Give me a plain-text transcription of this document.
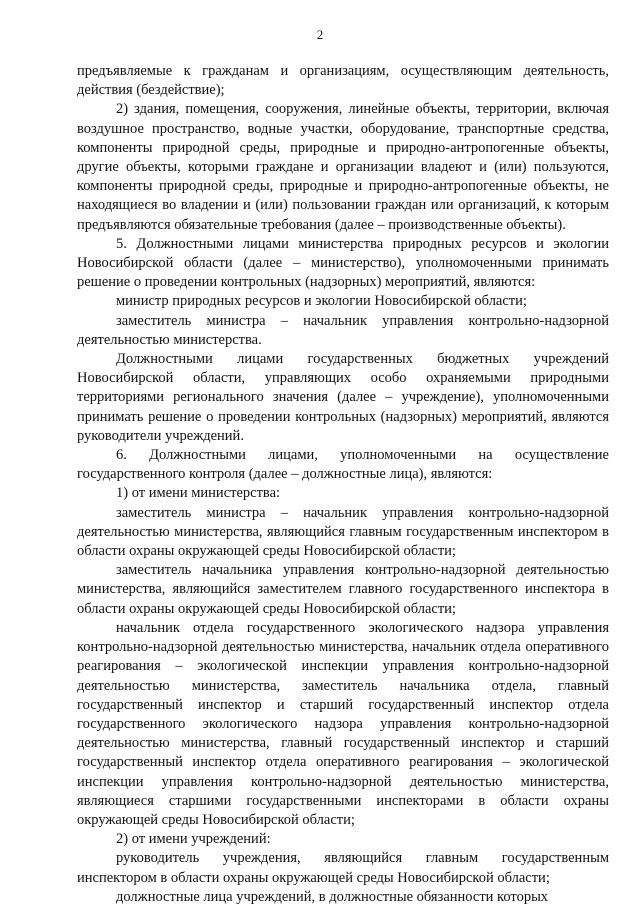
2

предъявляемые к гражданам и организациям, осуществляющим деятельность, действия (бездействие);

2) здания, помещения, сооружения, линейные объекты, территории, включая воздушное пространство, водные участки, оборудование, транспортные средства, компоненты природной среды, природные и природно-антропогенные объекты, другие объекты, которыми граждане и организации владеют и (или) пользуются, компоненты природной среды, природные и природно-антропогенные объекты, не находящиеся во владении и (или) пользовании граждан или организаций, к которым предъявляются обязательные требования (далее – производственные объекты).

5. Должностными лицами министерства природных ресурсов и экологии Новосибирской области (далее – министерство), уполномоченными принимать решение о проведении контрольных (надзорных) мероприятий, являются:

министр природных ресурсов и экологии Новосибирской области;

заместитель министра – начальник управления контрольно-надзорной деятельностью министерства.

Должностными лицами государственных бюджетных учреждений Новосибирской области, управляющих особо охраняемыми природными территориями регионального значения (далее – учреждение), уполномоченными принимать решение о проведении контрольных (надзорных) мероприятий, являются руководители учреждений.

6. Должностными лицами, уполномоченными на осуществление государственного контроля (далее – должностные лица), являются:

1) от имени министерства:

заместитель министра – начальник управления контрольно-надзорной деятельностью министерства, являющийся главным государственным инспектором в области охраны окружающей среды Новосибирской области;

заместитель начальника управления контрольно-надзорной деятельностью министерства, являющийся заместителем главного государственного инспектора в области охраны окружающей среды Новосибирской области;

начальник отдела государственного экологического надзора управления контрольно-надзорной деятельностью министерства, начальник отдела оперативного реагирования – экологической инспекции управления контрольно-надзорной деятельностью министерства, заместитель начальника отдела, главный государственный инспектор и старший государственный инспектор отдела государственного экологического надзора управления контрольно-надзорной деятельностью министерства, главный государственный инспектор и старший государственный инспектор отдела оперативного реагирования – экологической инспекции управления контрольно-надзорной деятельностью министерства, являющиеся старшими государственными инспекторами в области охраны окружающей среды Новосибирской области;

2) от имени учреждений:

руководитель учреждения, являющийся главным государственным инспектором в области охраны окружающей среды Новосибирской области;

должностные лица учреждений, в должностные обязанности которых
